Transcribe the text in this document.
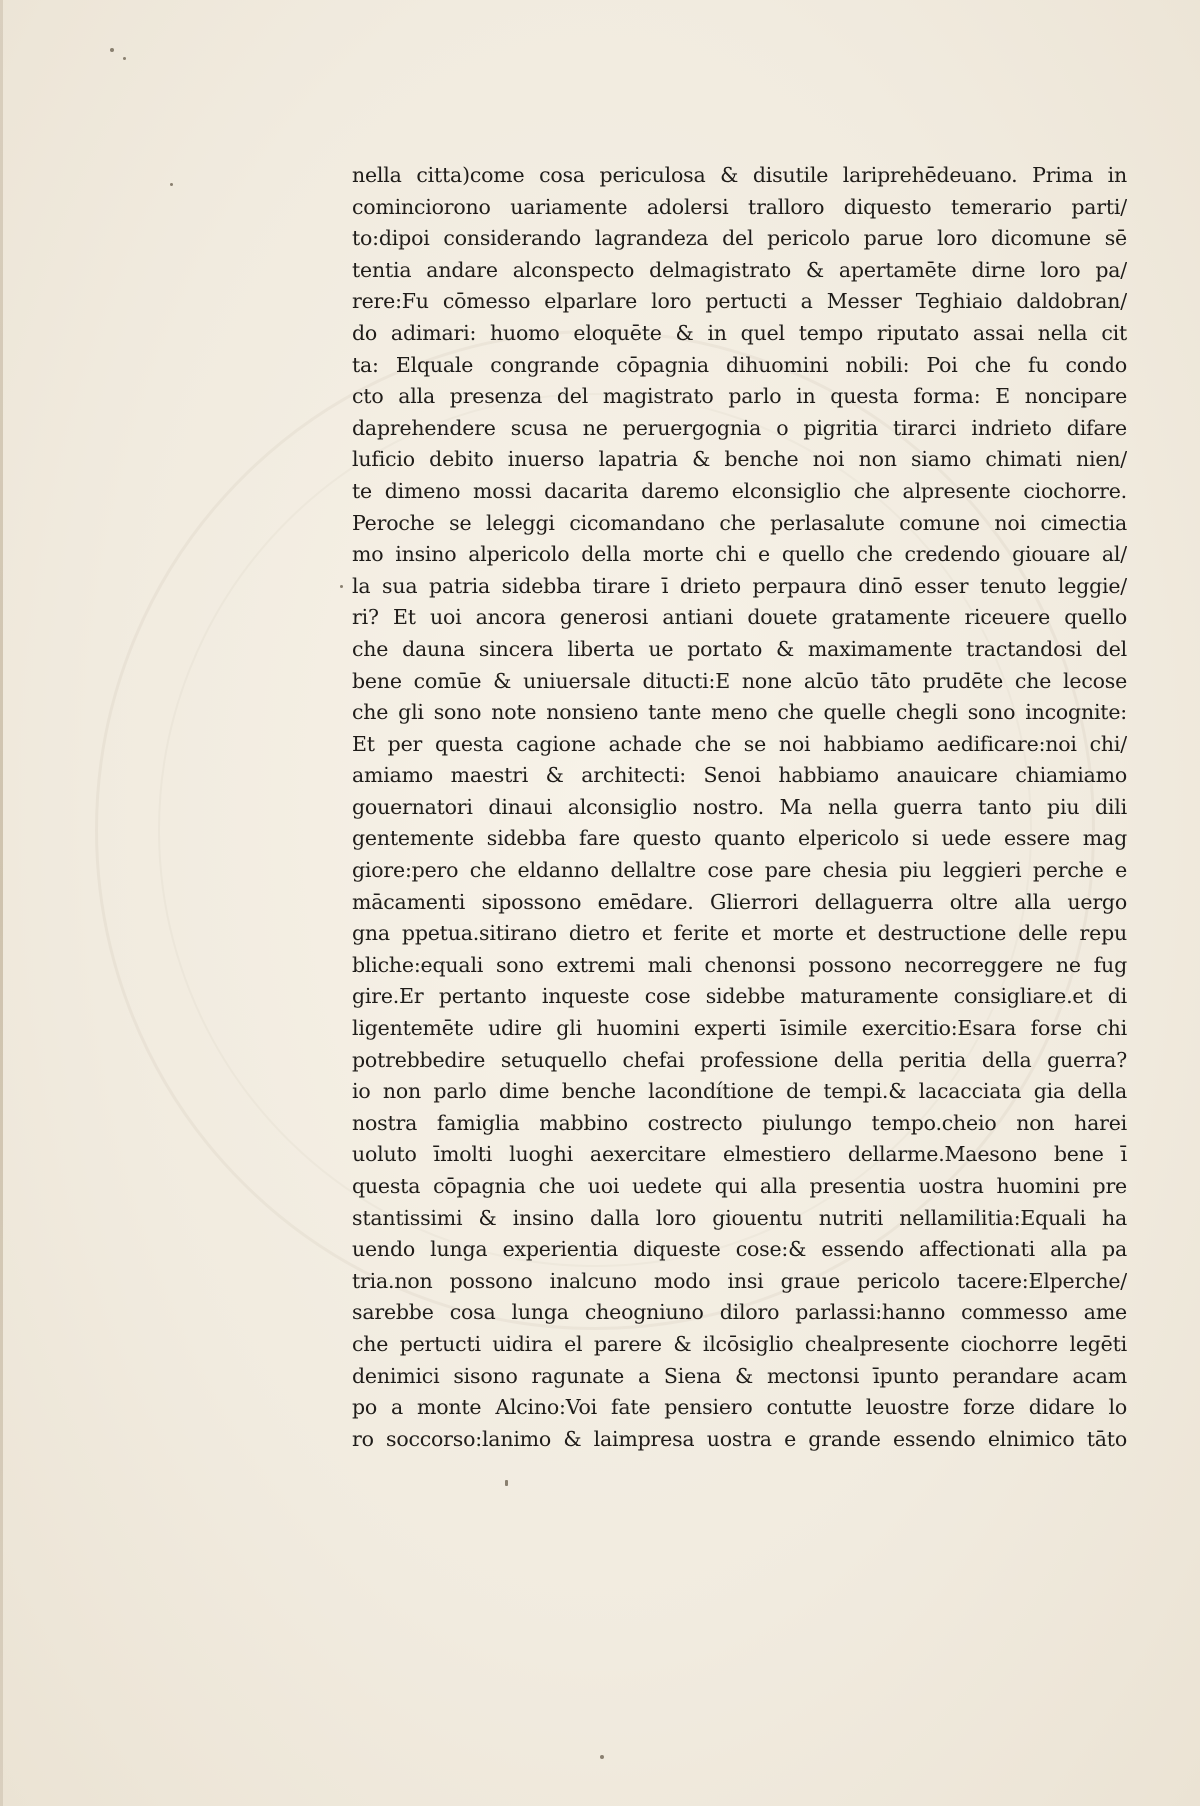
nella citta)come cosa periculosa & disutile lariprehēdeuano. Prima in
cominciorono uariamente adolersi tralloro diquesto temerario parti/
to:dipoi considerando lagrandeza del pericolo parue loro dicomune sē
tentia andare alconspecto delmagistrato & apertamēte dirne loro pa/
rere:Fu cōmesso elparlare loro pertucti a Messer Teghiaio daldobran/
do adimari: huomo eloquēte & in quel tempo riputato assai nella cit
ta: Elquale congrande cōpagnia dihuomini nobili: Poi che fu condo
cto alla presenza del magistrato parlo in questa forma: E noncipare
daprehendere scusa ne peruergognia o pigritia tirarci indrieto difare
luficio debito inuerso lapatria & benche noi non siamo chimati nien/
te dimeno mossi dacarita daremo elconsiglio che alpresente ciochorre.
Peroche se leleggi cicomandano che perlasalute comune noi cimectia
mo insino alpericolo della morte chi e quello che credendo giouare al/
la sua patria sidebba tirare ī drieto perpaura dinō esser tenuto leggie/
ri? Et uoi ancora generosi antiani douete gratamente riceuere quello
che dauna sincera liberta ue portato & maximamente tractandosi del
bene comūe & uniuersale ditucti:E none alcūo tāto prudēte che lecose
che gli sono note nonsieno tante meno che quelle chegli sono incognite:
Et per questa cagione achade che se noi habbiamo aedificare:noi chi/
amiamo maestri & architecti: Senoi habbiamo anauicare chiamiamo
gouernatori dinaui alconsiglio nostro. Ma nella guerra tanto piu dili
gentemente sidebba fare questo quanto elpericolo si uede essere mag
giore:pero che eldanno dellaltre cose pare chesia piu leggieri perche e
mācamenti sipossono emēdare. Glierrori dellaguerra oltre alla uergo
gna ppetua.sitirano dietro et ferite et morte et destructione delle repu
bliche:equali sono extremi mali chenonsi possono necorreggere ne fug
gire.Er pertanto inqueste cose sidebbe maturamente consigliare.et di
ligentemēte udire gli huomini experti īsimile exercitio:Esara forse chi
potrebbedire setuquello chefai professione della peritia della guerra?
io non parlo dime benche lacondítione de tempi.& lacacciata gia della
nostra famiglia mabbino costrecto piulungo tempo.cheio non harei
uoluto īmolti luoghi aexercitare elmestiero dellarme.Maesono bene ī
questa cōpagnia che uoi uedete qui alla presentia uostra huomini pre
stantissimi & insino dalla loro giouentu nutriti nellamilitia:Equali ha
uendo lunga experientia diqueste cose:& essendo affectionati alla pa
tria.non possono inalcuno modo insi graue pericolo tacere:Elperche/
sarebbe cosa lunga cheogniuno diloro parlassi:hanno commesso ame
che pertucti uidira el parere & ilcōsiglio chealpresente ciochorre legēti
denimici sisono ragunate a Siena & mectonsi īpunto perandare acam
po a monte Alcino:Voi fate pensiero contutte leuostre forze didare lo
ro soccorso:lanimo & laimpresa uostra e grande essendo elnimico tāto
